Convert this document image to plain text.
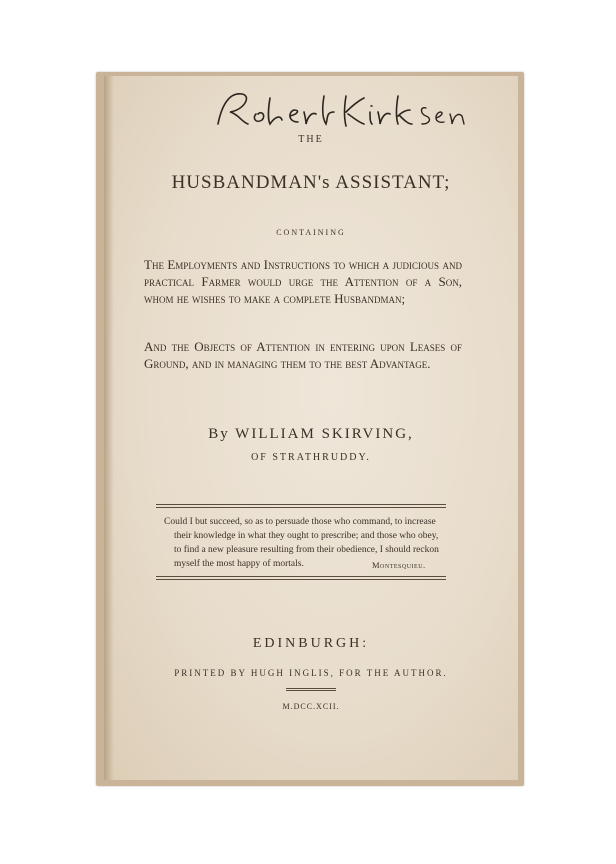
THE
HUSBANDMAN's ASSISTANT;
CONTAINING
The Employments and Instructions to which a judicious and practical Farmer would urge the Attention of a Son, whom he wishes to make a complete Husbandman;
And the Objects of Attention in entering upon Leases of Ground, and in managing them to the best Advantage.
By WILLIAM SKIRVING,
OF STRATHRUDDY.
Could I but succeed, so as to persuade those who command, to increase
their knowledge in what they ought to prescribe; and those who obey,
to find a new pleasure resulting from their obedience, I should reckon
myself the most happy of mortals.	Montesquieu.
EDINBURGH:
PRINTED BY HUGH INGLIS, FOR THE AUTHOR.
M.DCC.XCII.
